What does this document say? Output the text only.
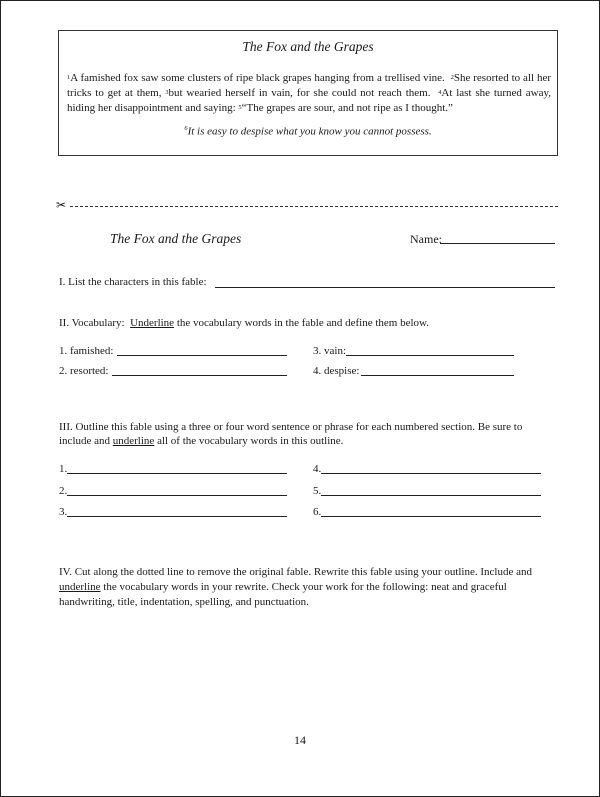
The Fox and the Grapes
$^1$A famished fox saw some clusters of ripe black grapes hanging from a trellised vine. $^2$She resorted to all her tricks to get at them, $^3$but wearied herself in vain, for she could not reach them. $^4$At last she turned away, hiding her disappointment and saying: $^5$“The grapes are sour, and not ripe as I thought.”
$^6$It is easy to despise what you know you cannot possess.
✂
The Fox and the Grapes	Name:
I. List the characters in this fable:
II. Vocabulary: Underline the vocabulary words in the fable and define them below.
1. famished:
2. resorted:
3. vain:
4. despise:
III. Outline this fable using a three or four word sentence or phrase for each numbered section. Be sure to
include and underline all of the vocabulary words in this outline.
1.
2.
3.
4.
5.
6.
IV. Cut along the dotted line to remove the original fable. Rewrite this fable using your outline. Include and
underline the vocabulary words in your rewrite. Check your work for the following: neat and graceful
handwriting, title, indentation, spelling, and punctuation.
14
